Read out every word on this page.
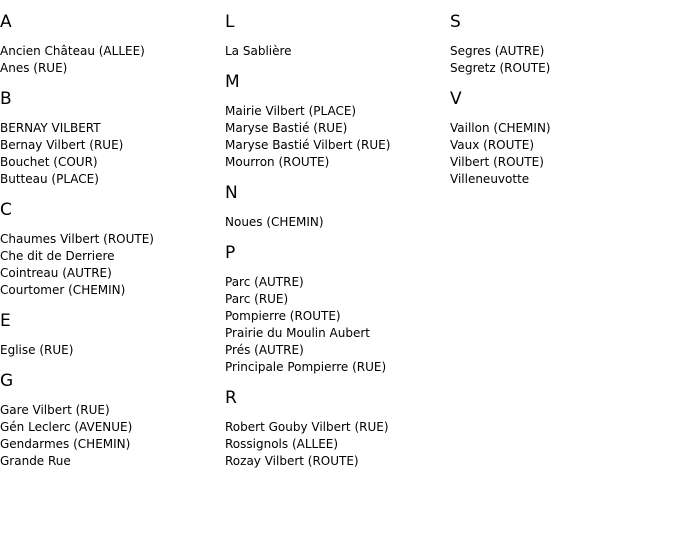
A
Ancien Château (ALLEE)
Anes (RUE)
B
BERNAY VILBERT
Bernay Vilbert (RUE)
Bouchet (COUR)
Butteau (PLACE)
C
Chaumes Vilbert (ROUTE)
Che dit de Derriere
Cointreau (AUTRE)
Courtomer (CHEMIN)
E
Eglise (RUE)
G
Gare Vilbert (RUE)
Gén Leclerc (AVENUE)
Gendarmes (CHEMIN)
Grande Rue
L
La Sablière
M
Mairie Vilbert (PLACE)
Maryse Bastié (RUE)
Maryse Bastié Vilbert (RUE)
Mourron (ROUTE)
N
Noues (CHEMIN)
P
Parc (AUTRE)
Parc (RUE)
Pompierre (ROUTE)
Prairie du Moulin Aubert
Prés (AUTRE)
Principale Pompierre (RUE)
R
Robert Gouby Vilbert (RUE)
Rossignols (ALLEE)
Rozay Vilbert (ROUTE)
S
Segres (AUTRE)
Segretz (ROUTE)
V
Vaillon (CHEMIN)
Vaux (ROUTE)
Vilbert (ROUTE)
Villeneuvotte
